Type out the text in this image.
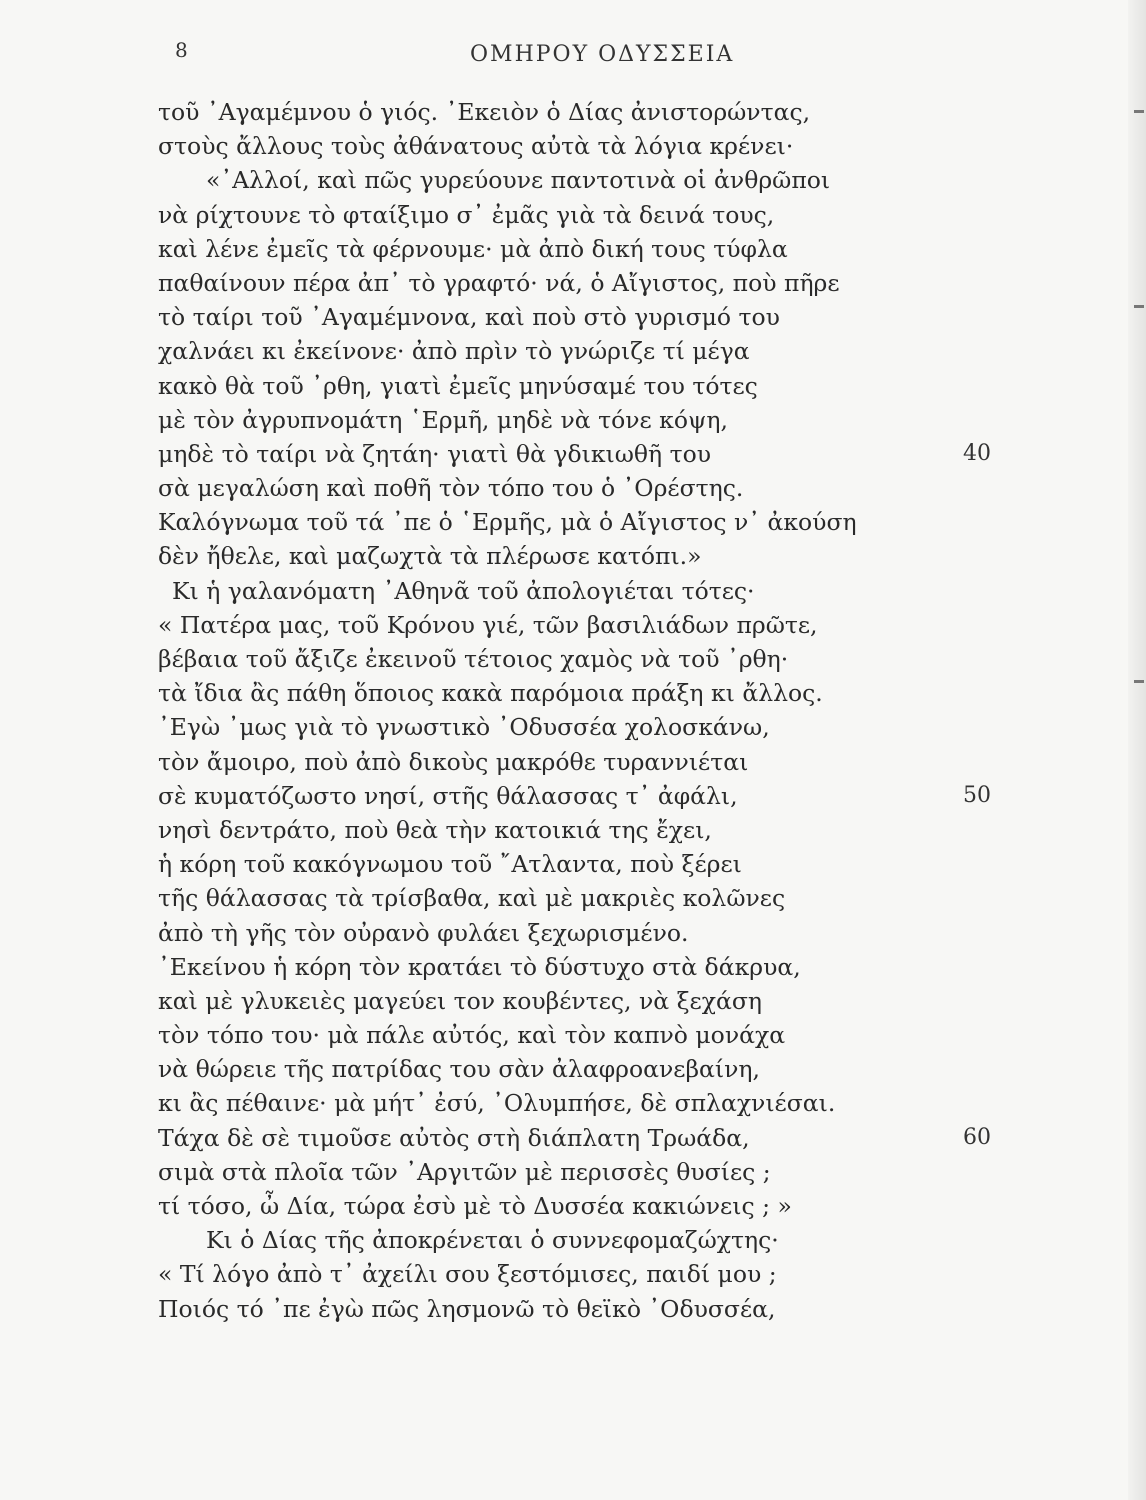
8	ΟΜΗΡΟΥ ΟΔΥΣΣΕΙΑ
τοῦ ᾿Αγαμέμνου ὁ γιός. ᾿Εκειὸν ὁ Δίας ἀνιστορώντας,
στοὺς ἄλλους τοὺς ἀθάνατους αὐτὰ τὰ λόγια κρένει·
«᾿Αλλοί, καὶ πῶς γυρεύουνε παντοτινὰ οἱ ἀνθρῶποι
νὰ ρίχτουνε τὸ φταίξιμο σ᾿ ἐμᾶς γιὰ τὰ δεινά τους,
καὶ λένε ἐμεῖς τὰ φέρνουμε· μὰ ἀπὸ δική τους τύφλα
παθαίνουν πέρα ἀπ᾿ τὸ γραφτό· νά, ὁ Αἴγιστος, ποὺ πῆρε
τὸ ταίρι τοῦ ᾿Αγαμέμνονα, καὶ ποὺ στὸ γυρισμό του
χαλνάει κι ἐκείνονε· ἀπὸ πρὶν τὸ γνώριζε τί μέγα
κακὸ θὰ τοῦ ᾿ρθη, γιατὶ ἐμεῖς μηνύσαμέ του τότες
μὲ τὸν ἀγρυπνομάτη ῾Ερμῆ, μηδὲ νὰ τόνε κόψη,
μηδὲ τὸ ταίρι νὰ ζητάη· γιατὶ θὰ γδικιωθῆ του	40
σὰ μεγαλώση καὶ ποθῆ τὸν τόπο του ὁ ᾿Ορέστης.
Καλόγνωμα τοῦ τά ᾿πε ὁ ῾Ερμῆς, μὰ ὁ Αἴγιστος ν᾿ ἀκούση
δὲν ἤθελε, καὶ μαζωχτὰ τὰ πλέρωσε κατόπι.»
Κι ἡ γαλανόματη ᾿Αθηνᾶ τοῦ ἀπολογιέται τότες·
« Πατέρα μας, τοῦ Κρόνου γιέ, τῶν βασιλιάδων πρῶτε,
βέβαια τοῦ ἄξιζε ἐκεινοῦ τέτοιος χαμὸς νὰ τοῦ ᾿ρθη·
τὰ ἴδια ἂς πάθη ὅποιος κακὰ παρόμοια πράξη κι ἄλλος.
᾿Εγὼ ᾿μως γιὰ τὸ γνωστικὸ ᾿Οδυσσέα χολοσκάνω,
τὸν ἄμοιρο, ποὺ ἀπὸ δικοὺς μακρόθε τυραννιέται
σὲ κυματόζωστο νησί, στῆς θάλασσας τ᾿ ἀφάλι,	50
νησὶ δεντράτο, ποὺ θεὰ τὴν κατοικιά της ἔχει,
ἡ κόρη τοῦ κακόγνωμου τοῦ ῎Ατλαντα, ποὺ ξέρει
τῆς θάλασσας τὰ τρίσβαθα, καὶ μὲ μακριὲς κολῶνες
ἀπὸ τὴ γῆς τὸν οὐρανὸ φυλάει ξεχωρισμένο.
᾿Εκείνου ἡ κόρη τὸν κρατάει τὸ δύστυχο στὰ δάκρυα,
καὶ μὲ γλυκειὲς μαγεύει τον κουβέντες, νὰ ξεχάση
τὸν τόπο του· μὰ πάλε αὐτός, καὶ τὸν καπνὸ μονάχα
νὰ θώρειε τῆς πατρίδας του σὰν ἀλαφροανεβαίνη,
κι ἂς πέθαινε· μὰ μήτ᾿ ἐσύ, ᾿Ολυμπήσε, δὲ σπλαχνιέσαι.
Τάχα δὲ σὲ τιμοῦσε αὐτὸς στὴ διάπλατη Τρωάδα,	60
σιμὰ στὰ πλοῖα τῶν ᾿Αργιτῶν μὲ περισσὲς θυσίες ;
τί τόσο, ὦ Δία, τώρα ἐσὺ μὲ τὸ Δυσσέα κακιώνεις ; »
Κι ὁ Δίας τῆς ἀποκρένεται ὁ συννεφομαζώχτης·
« Τί λόγο ἀπὸ τ᾿ ἀχείλι σου ξεστόμισες, παιδί μου ;
Ποιός τό ᾿πε ἐγὼ πῶς λησμονῶ τὸ θεϊκὸ ᾿Οδυσσέα,
